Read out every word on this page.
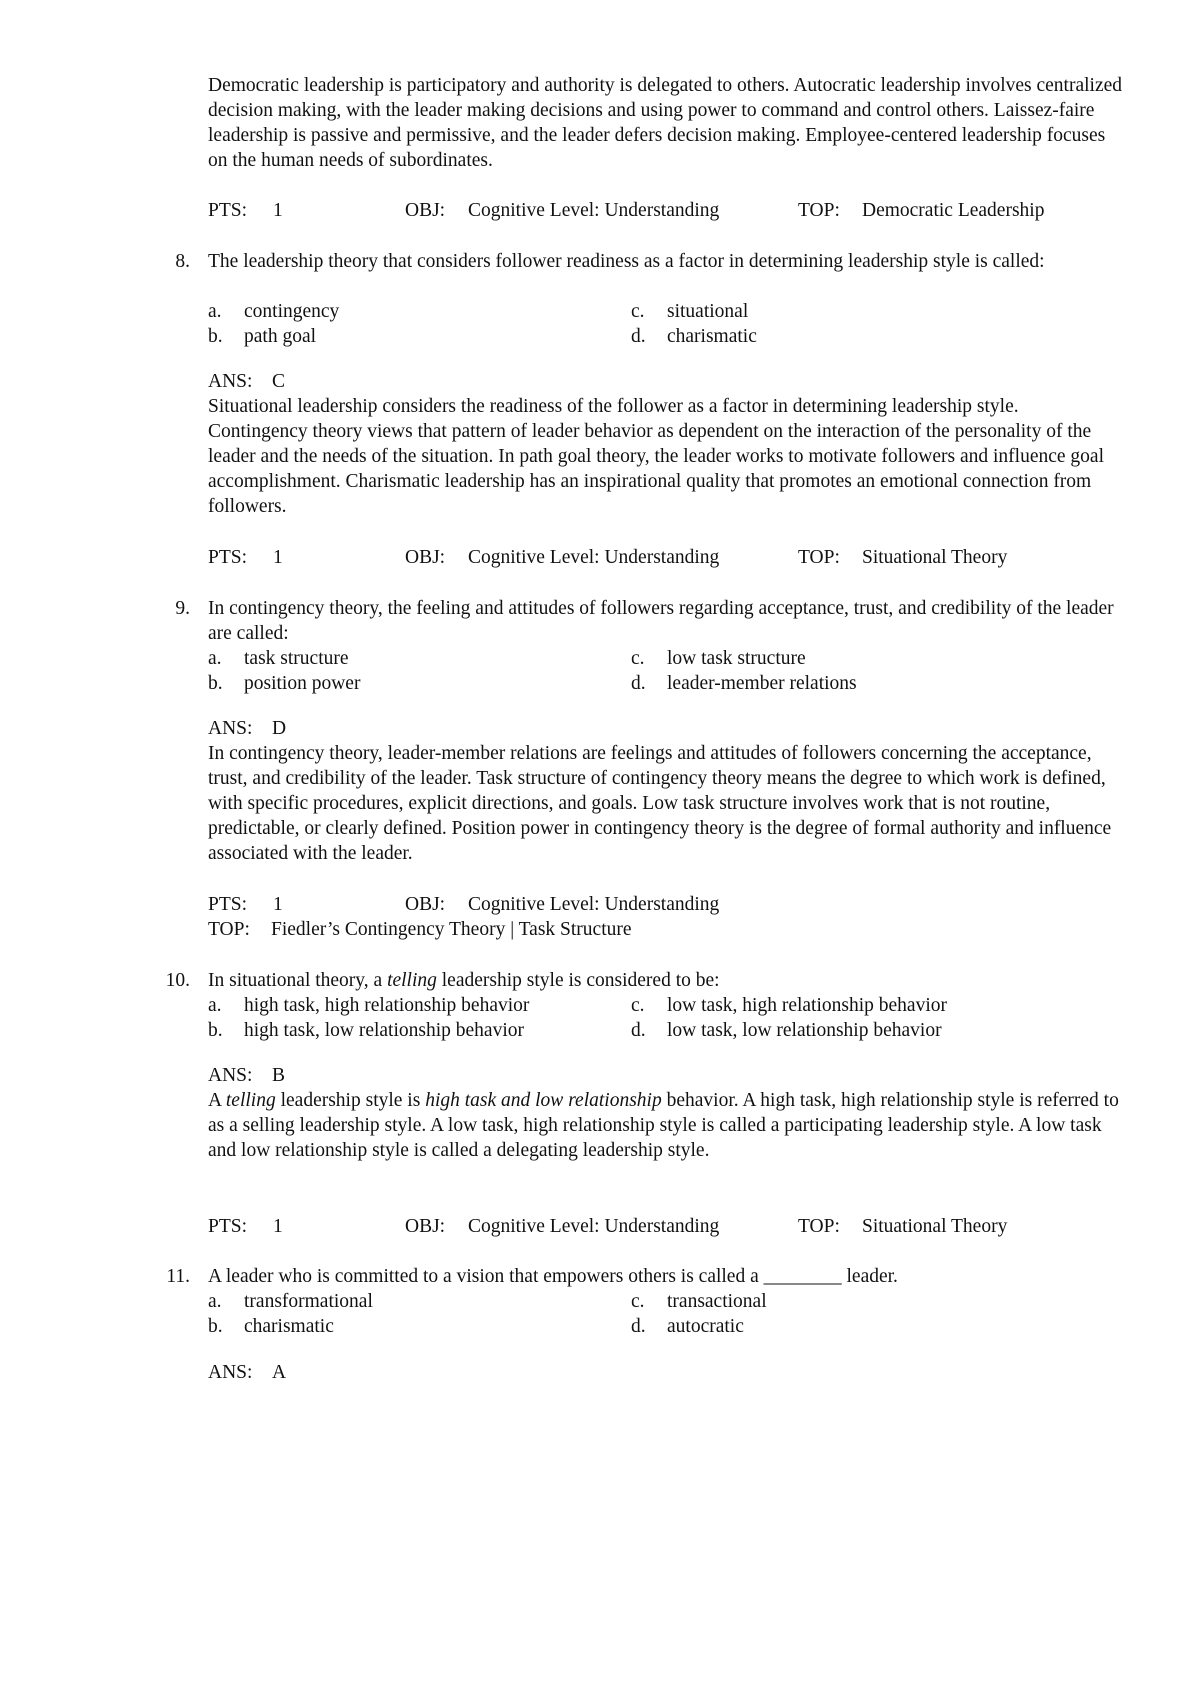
Democratic leadership is participatory and authority is delegated to others. Autocratic leadership involves centralized decision making, with the leader making decisions and using power to command and control others. Laissez-faire leadership is passive and permissive, and the leader defers decision making. Employee-centered leadership focuses on the human needs of subordinates.

PTS: 1	OBJ: Cognitive Level: Understanding	TOP: Democratic Leadership
8. The leadership theory that considers follower readiness as a factor in determining leadership style is called:

a. contingency
b. path goal
c. situational
d. charismatic
ANS: C

Situational leadership considers the readiness of the follower as a factor in determining leadership style. Contingency theory views that pattern of leader behavior as dependent on the interaction of the personality of the leader and the needs of the situation. In path goal theory, the leader works to motivate followers and influence goal accomplishment. Charismatic leadership has an inspirational quality that promotes an emotional connection from followers.

PTS: 1	OBJ: Cognitive Level: Understanding	TOP: Situational Theory
9. In contingency theory, the feeling and attitudes of followers regarding acceptance, trust, and credibility of the leader are called:

a. task structure
b. position power
c. low task structure
d. leader-member relations
ANS: D

In contingency theory, leader-member relations are feelings and attitudes of followers concerning the acceptance, trust, and credibility of the leader. Task structure of contingency theory means the degree to which work is defined, with specific procedures, explicit directions, and goals. Low task structure involves work that is not routine, predictable, or clearly defined. Position power in contingency theory is the degree of formal authority and influence associated with the leader.

PTS: 1	OBJ: Cognitive Level: Understanding
TOP: Fiedler’s Contingency Theory | Task Structure
10. In situational theory, a telling leadership style is considered to be:

a. high task, high relationship behavior
b. high task, low relationship behavior
c. low task, high relationship behavior
d. low task, low relationship behavior
ANS: B

A telling leadership style is high task and low relationship behavior. A high task, high relationship style is referred to as a selling leadership style. A low task, high relationship style is called a participating leadership style. A low task and low relationship style is called a delegating leadership style.

PTS: 1	OBJ: Cognitive Level: Understanding	TOP: Situational Theory
11. A leader who is committed to a vision that empowers others is called a ________ leader.

a. transformational
b. charismatic
c. transactional
d. autocratic
ANS: A
